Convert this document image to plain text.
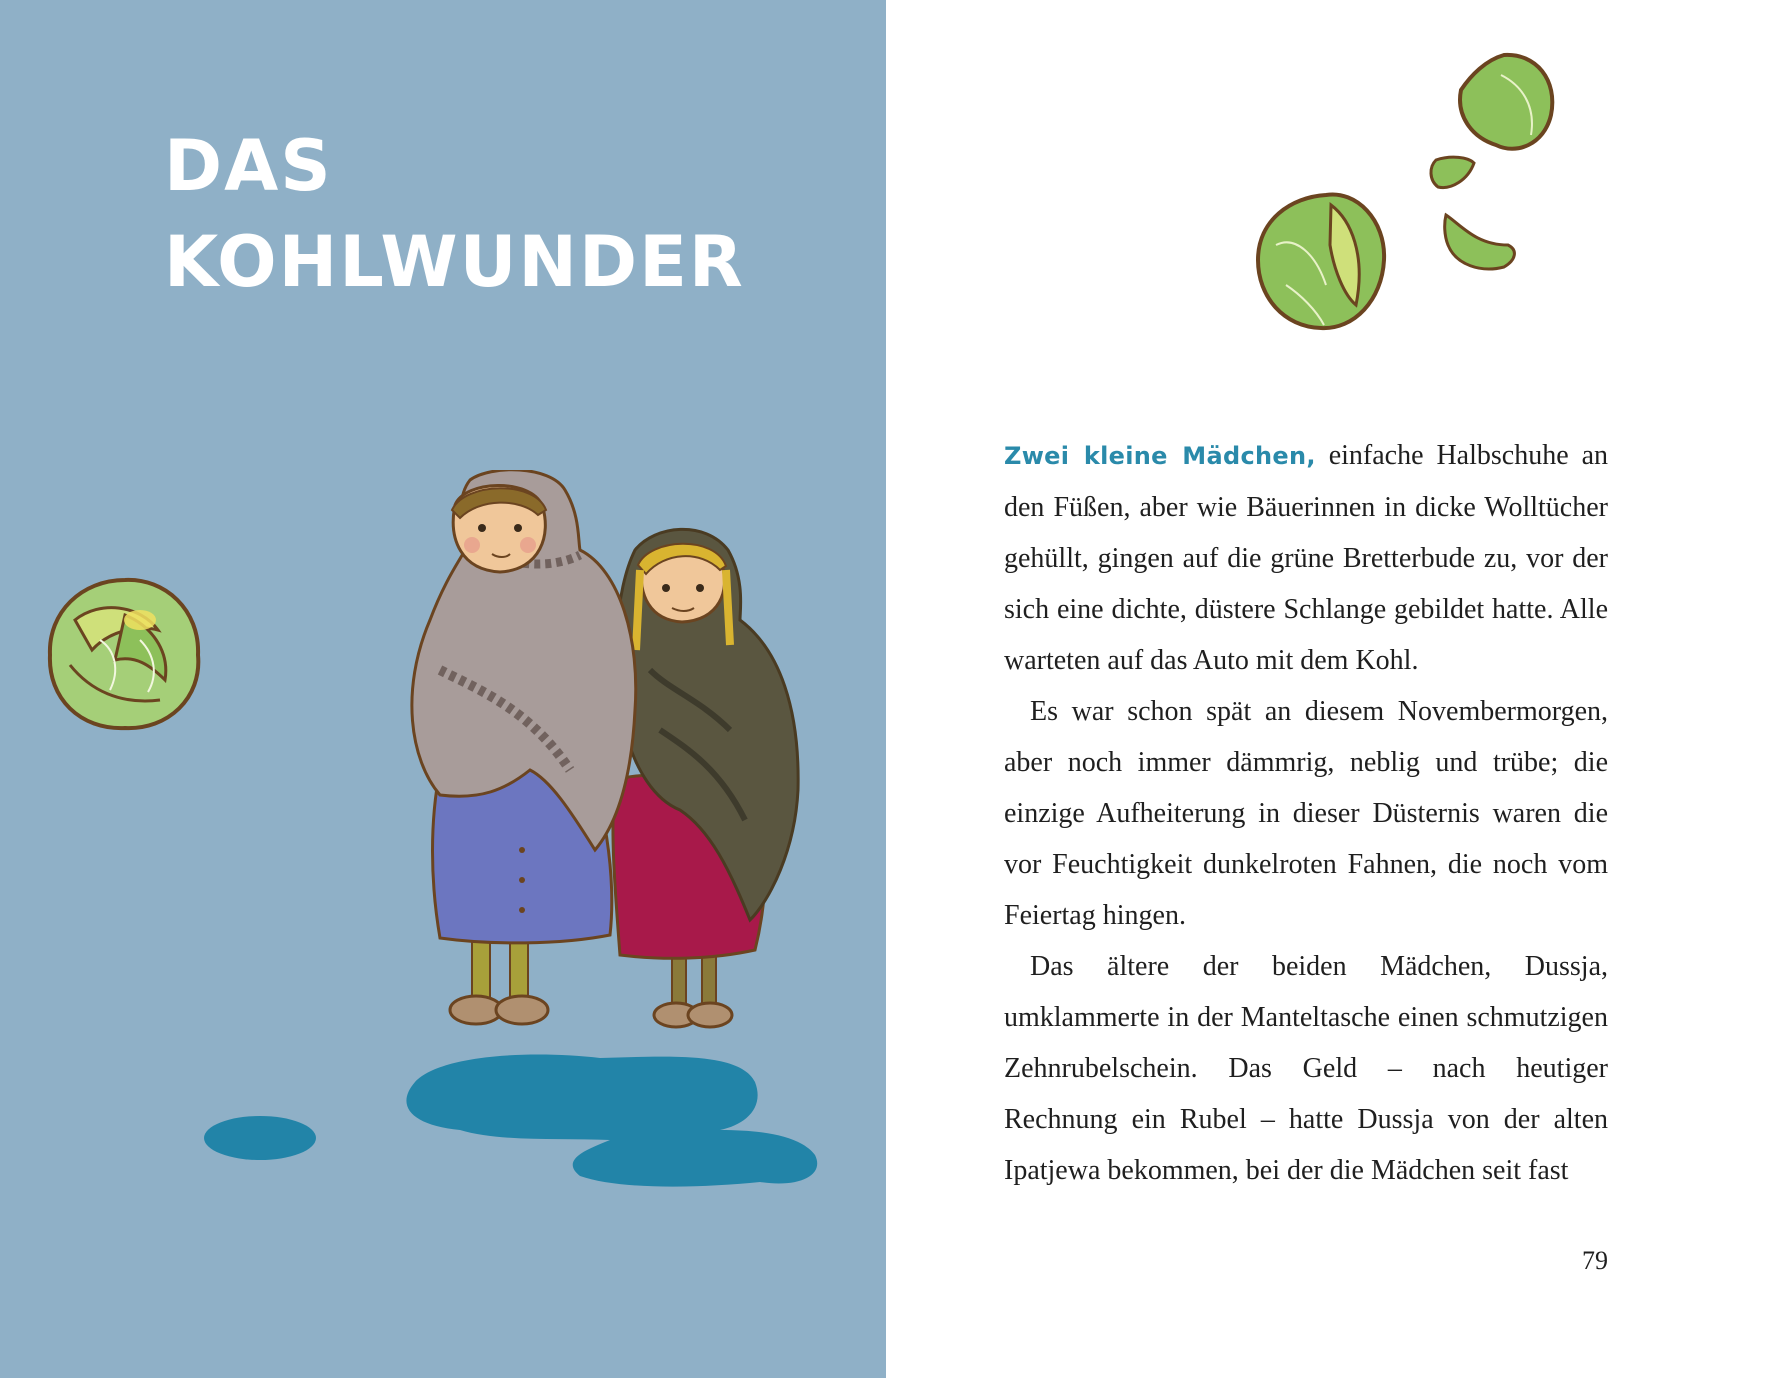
DAS
KOHLWUNDER

Zwei kleine Mädchen, einfache Halbschuhe an den Füßen, aber wie Bäuerinnen in dicke Wolltücher gehüllt, gingen auf die grüne Bretterbude zu, vor der sich eine dichte, düstere Schlange gebildet hatte. Alle warteten auf das Auto mit dem Kohl.

Es war schon spät an diesem Novembermorgen, aber noch immer dämmrig, neblig und trübe; die einzige Aufheiterung in dieser Düsternis waren die vor Feuchtigkeit dunkelroten Fahnen, die noch vom Feiertag hingen.

Das ältere der beiden Mädchen, Dussja, umklammerte in der Manteltasche einen schmutzigen Zehnrubelschein. Das Geld – nach heutiger Rechnung ein Rubel – hatte Dussja von der alten Ipatjewa bekommen, bei der die Mädchen seit fast

79
